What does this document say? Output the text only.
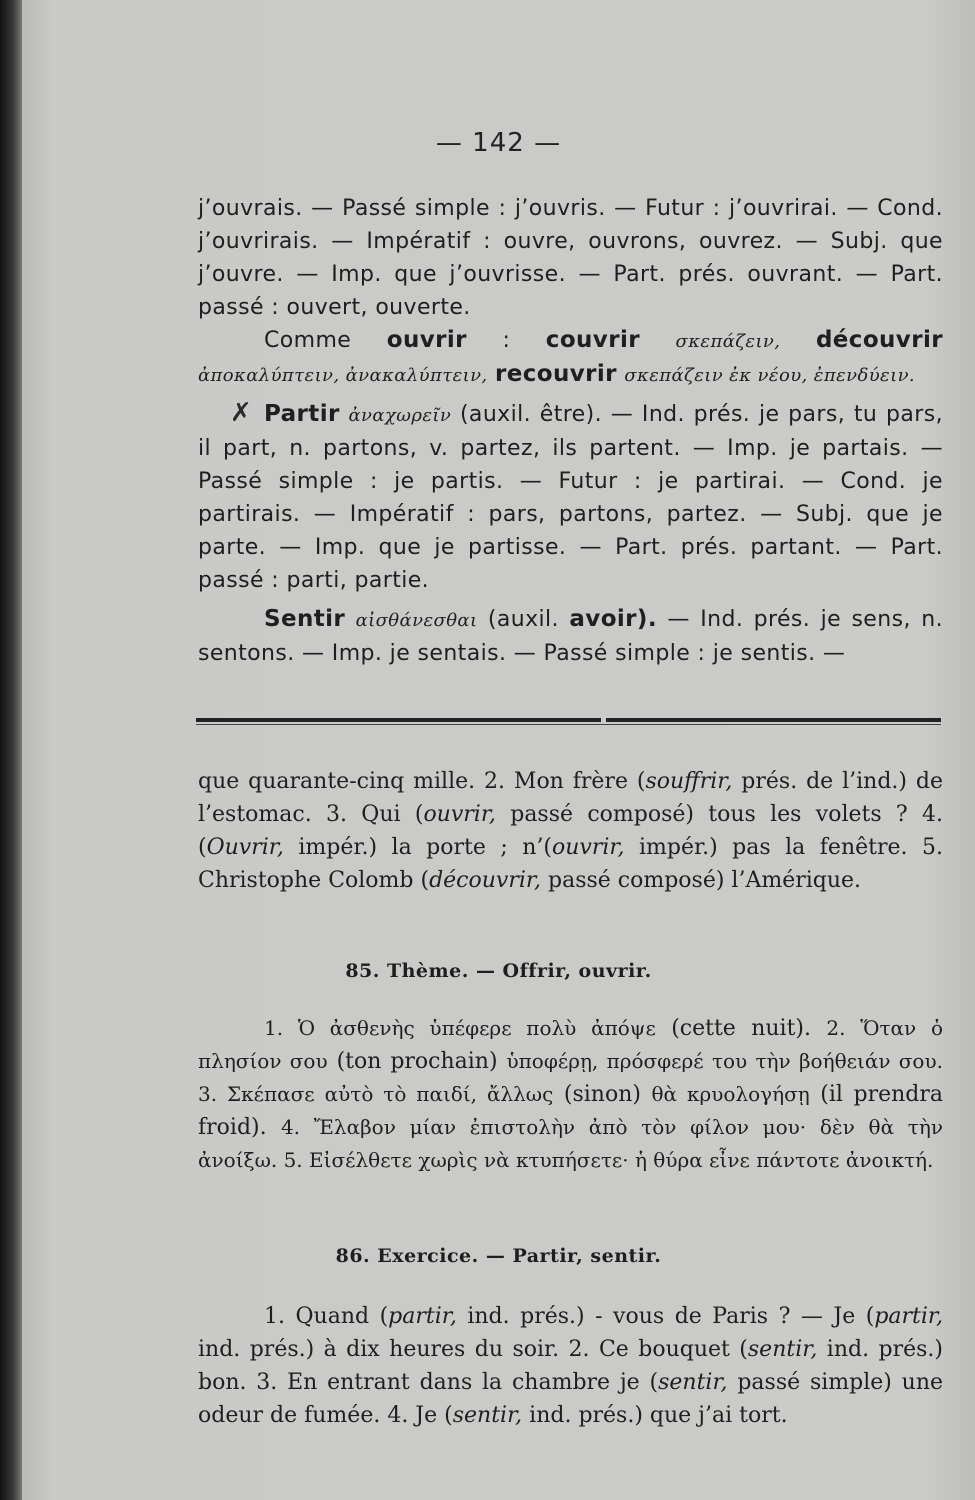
— 142 —

j’ouvrais. — Passé simple : j’ouvris. — Futur : j’ouvrirai. — Cond. j’ouvrirais. — Impératif : ouvre, ouvrons, ouvrez. — Subj. que j’ouvre. — Imp. que j’ouvrisse. — Part. prés. ouvrant. — Part. passé : ouvert, ouverte.

Comme ouvrir : couvrir σκεπάζειν, découvrir ἀποκαλύπτειν, ἀνακαλύπτειν, recouvrir σκεπάζειν ἐκ νέου, ἐπενδύειν.

Partir ἀναχωρεῖν (auxil. être). — Ind. prés. je pars, tu pars, il part, n. partons, v. partez, ils partent. — Imp. je partais. — Passé simple : je partis. — Futur : je partirai. — Cond. je partirais. — Impératif : pars, partons, partez. — Subj. que je parte. — Imp. que je partisse. — Part. prés. partant. — Part. passé : parti, partie.

Sentir αἰσθάνεσθαι (auxil. avoir). — Ind. prés. je sens, n. sentons. — Imp. je sentais. — Passé simple : je sentis. —

✗

que quarante-cinq mille. 2. Mon frère (souffrir, prés. de l’ind.) de l’estomac. 3. Qui (ouvrir, passé composé) tous les volets ? 4. (Ouvrir, impér.) la porte ; n’(ouvrir, impér.) pas la fenêtre. 5. Christophe Colomb (découvrir, passé composé) l’Amérique.

85. Thème. — Offrir, ouvrir.

1. Ὁ ἀσθενὴς ὑπέφερε πολὺ ἀπόψε (cette nuit). 2. Ὅταν ὁ πλησίον σου (ton prochain) ὑποφέρῃ, πρόσφερέ του τὴν βοήθειάν σου. 3. Σκέπασε αὐτὸ τὸ παιδί, ἄλλως (sinon) θὰ κρυολογήσῃ (il prendra froid). 4. Ἔλαβον μίαν ἐπιστολὴν ἀπὸ τὸν φίλον μου· δὲν θὰ τὴν ἀνοίξω. 5. Εἰσέλθετε χωρὶς νὰ κτυπήσετε· ἡ θύρα εἶνε πάντοτε ἀνοικτή.

86. Exercice. — Partir, sentir.

1. Quand (partir, ind. prés.) - vous de Paris ? — Je (partir, ind. prés.) à dix heures du soir. 2. Ce bouquet (sentir, ind. prés.) bon. 3. En entrant dans la chambre je (sentir, passé simple) une odeur de fumée. 4. Je (sentir, ind. prés.) que j’ai tort.
